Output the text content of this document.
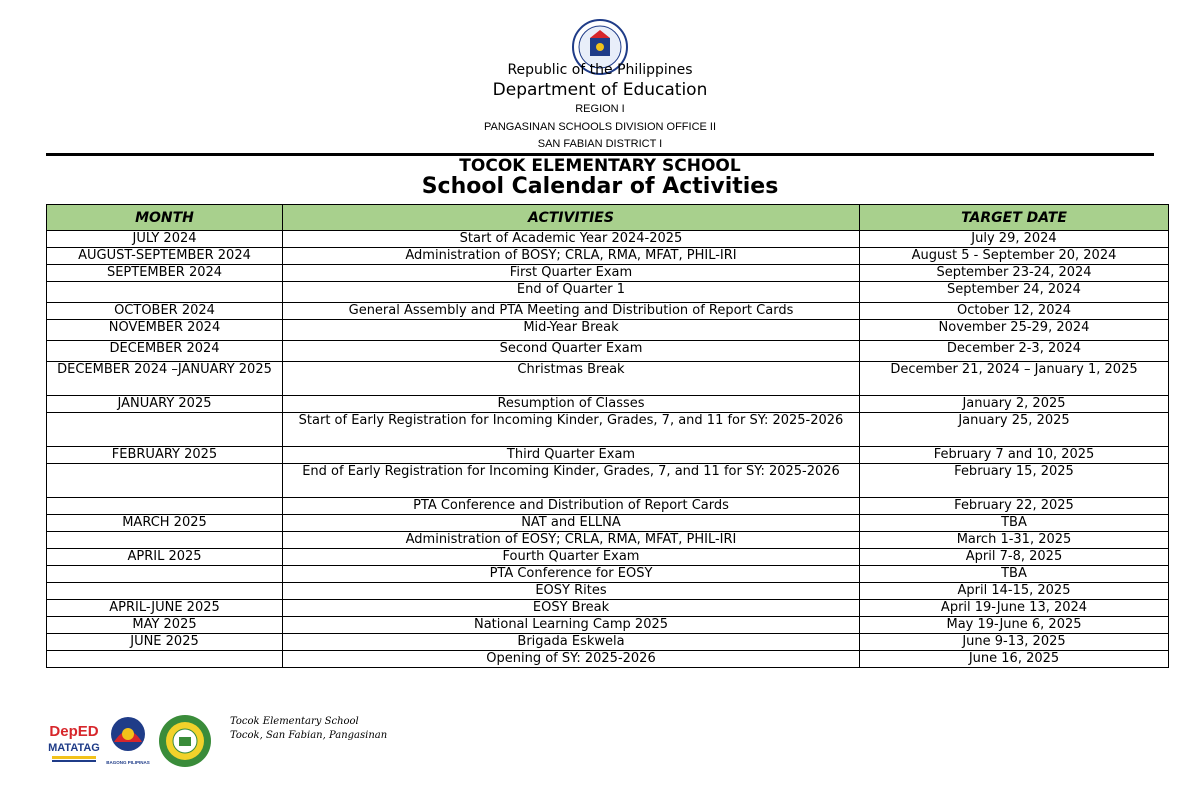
Republic of the Philippines
Department of Education
REGION I
PANGASINAN SCHOOLS DIVISION OFFICE II
SAN FABIAN DISTRICT I
TOCOK ELEMENTARY SCHOOL
School Calendar of Activities
MONTH	ACTIVITIES	TARGET DATE
JULY 2024	Start of Academic Year 2024-2025	July 29, 2024
AUGUST-SEPTEMBER 2024	Administration of BOSY; CRLA, RMA, MFAT, PHIL-IRI	August 5 - September 20, 2024
SEPTEMBER 2024	First Quarter Exam	September 23-24, 2024
	End of Quarter 1	September 24, 2024
OCTOBER 2024	General Assembly and PTA Meeting and Distribution of Report Cards	October 12, 2024
NOVEMBER 2024	Mid-Year Break	November 25-29, 2024
DECEMBER 2024	Second Quarter Exam	December 2-3, 2024
DECEMBER 2024 –JANUARY 2025	Christmas Break	December 21, 2024 – January 1, 2025
JANUARY 2025	Resumption of Classes	January 2, 2025
	Start of Early Registration for Incoming Kinder, Grades, 7, and 11 for SY: 2025-2026	January 25, 2025
FEBRUARY 2025	Third Quarter Exam	February 7 and 10, 2025
	End of Early Registration for Incoming Kinder, Grades, 7, and 11 for SY: 2025-2026	February 15, 2025
	PTA Conference and Distribution of Report Cards	February 22, 2025
MARCH 2025	NAT and ELLNA	TBA
	Administration of EOSY; CRLA, RMA, MFAT, PHIL-IRI	March 1-31, 2025
APRIL 2025	Fourth Quarter Exam	April 7-8, 2025
	PTA Conference for EOSY	TBA
	EOSY Rites	April 14-15, 2025
APRIL-JUNE 2025	EOSY Break	April 19-June 13, 2024
MAY 2025	National Learning Camp 2025	May 19-June 6, 2025
JUNE 2025	Brigada Eskwela	June 9-13, 2025
	Opening of SY: 2025-2026	June 16, 2025
DepED
MATATAG
BAGONG PILIPINAS
Tocok Elementary School
Tocok, San Fabian, Pangasinan
